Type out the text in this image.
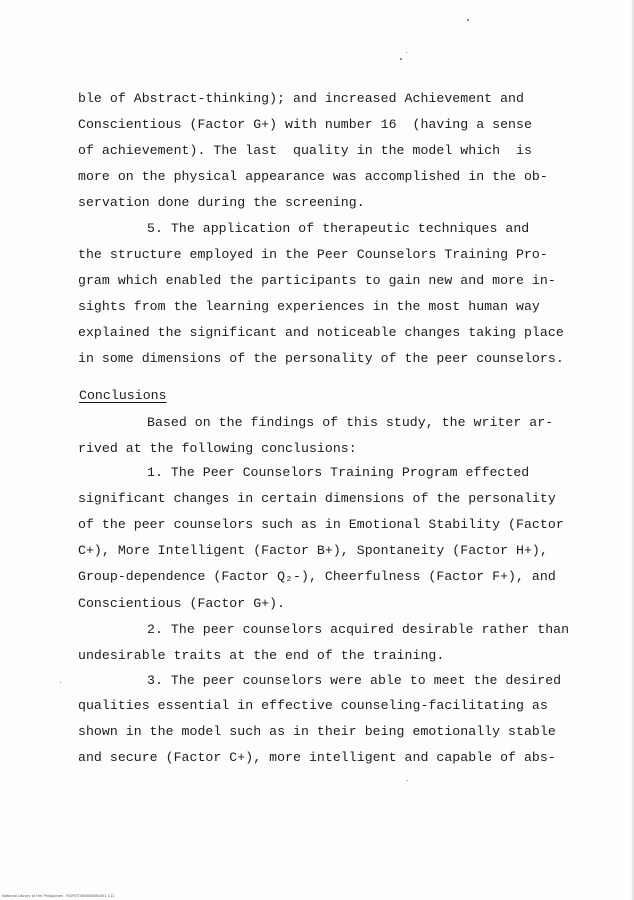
ble of Abstract-thinking); and increased Achievement and
Conscientious (Factor G+) with number 16  (having a sense
of achievement). The last  quality in the model which  is
more on the physical appearance was accomplished in the ob-
servation done during the screening.
5. The application of therapeutic techniques and
the structure employed in the Peer Counselors Training Pro-
gram which enabled the participants to gain new and more in-
sights from the learning experiences in the most human way
explained the significant and noticeable changes taking place
in some dimensions of the personality of the peer counselors.
Conclusions
Based on the findings of this study, the writer ar-
rived at the following conclusions:
1. The Peer Counselors Training Program effected
significant changes in certain dimensions of the personality
of the peer counselors such as in Emotional Stability (Factor
C+), More Intelligent (Factor B+), Spontaneity (Factor H+),
Group-dependence (Factor Q₂-), Cheerfulness (Factor F+), and
Conscientious (Factor G+).
2. The peer counselors acquired desirable rather than
undesirable traits at the end of the training.
3. The peer counselors were able to meet the desired
qualities essential in effective counseling-facilitating as
shown in the model such as in their being emotionally stable
and secure (Factor C+), more intelligent and capable of abs-
National Library of the Philippines   RGPSTOSB4060X0001 111
